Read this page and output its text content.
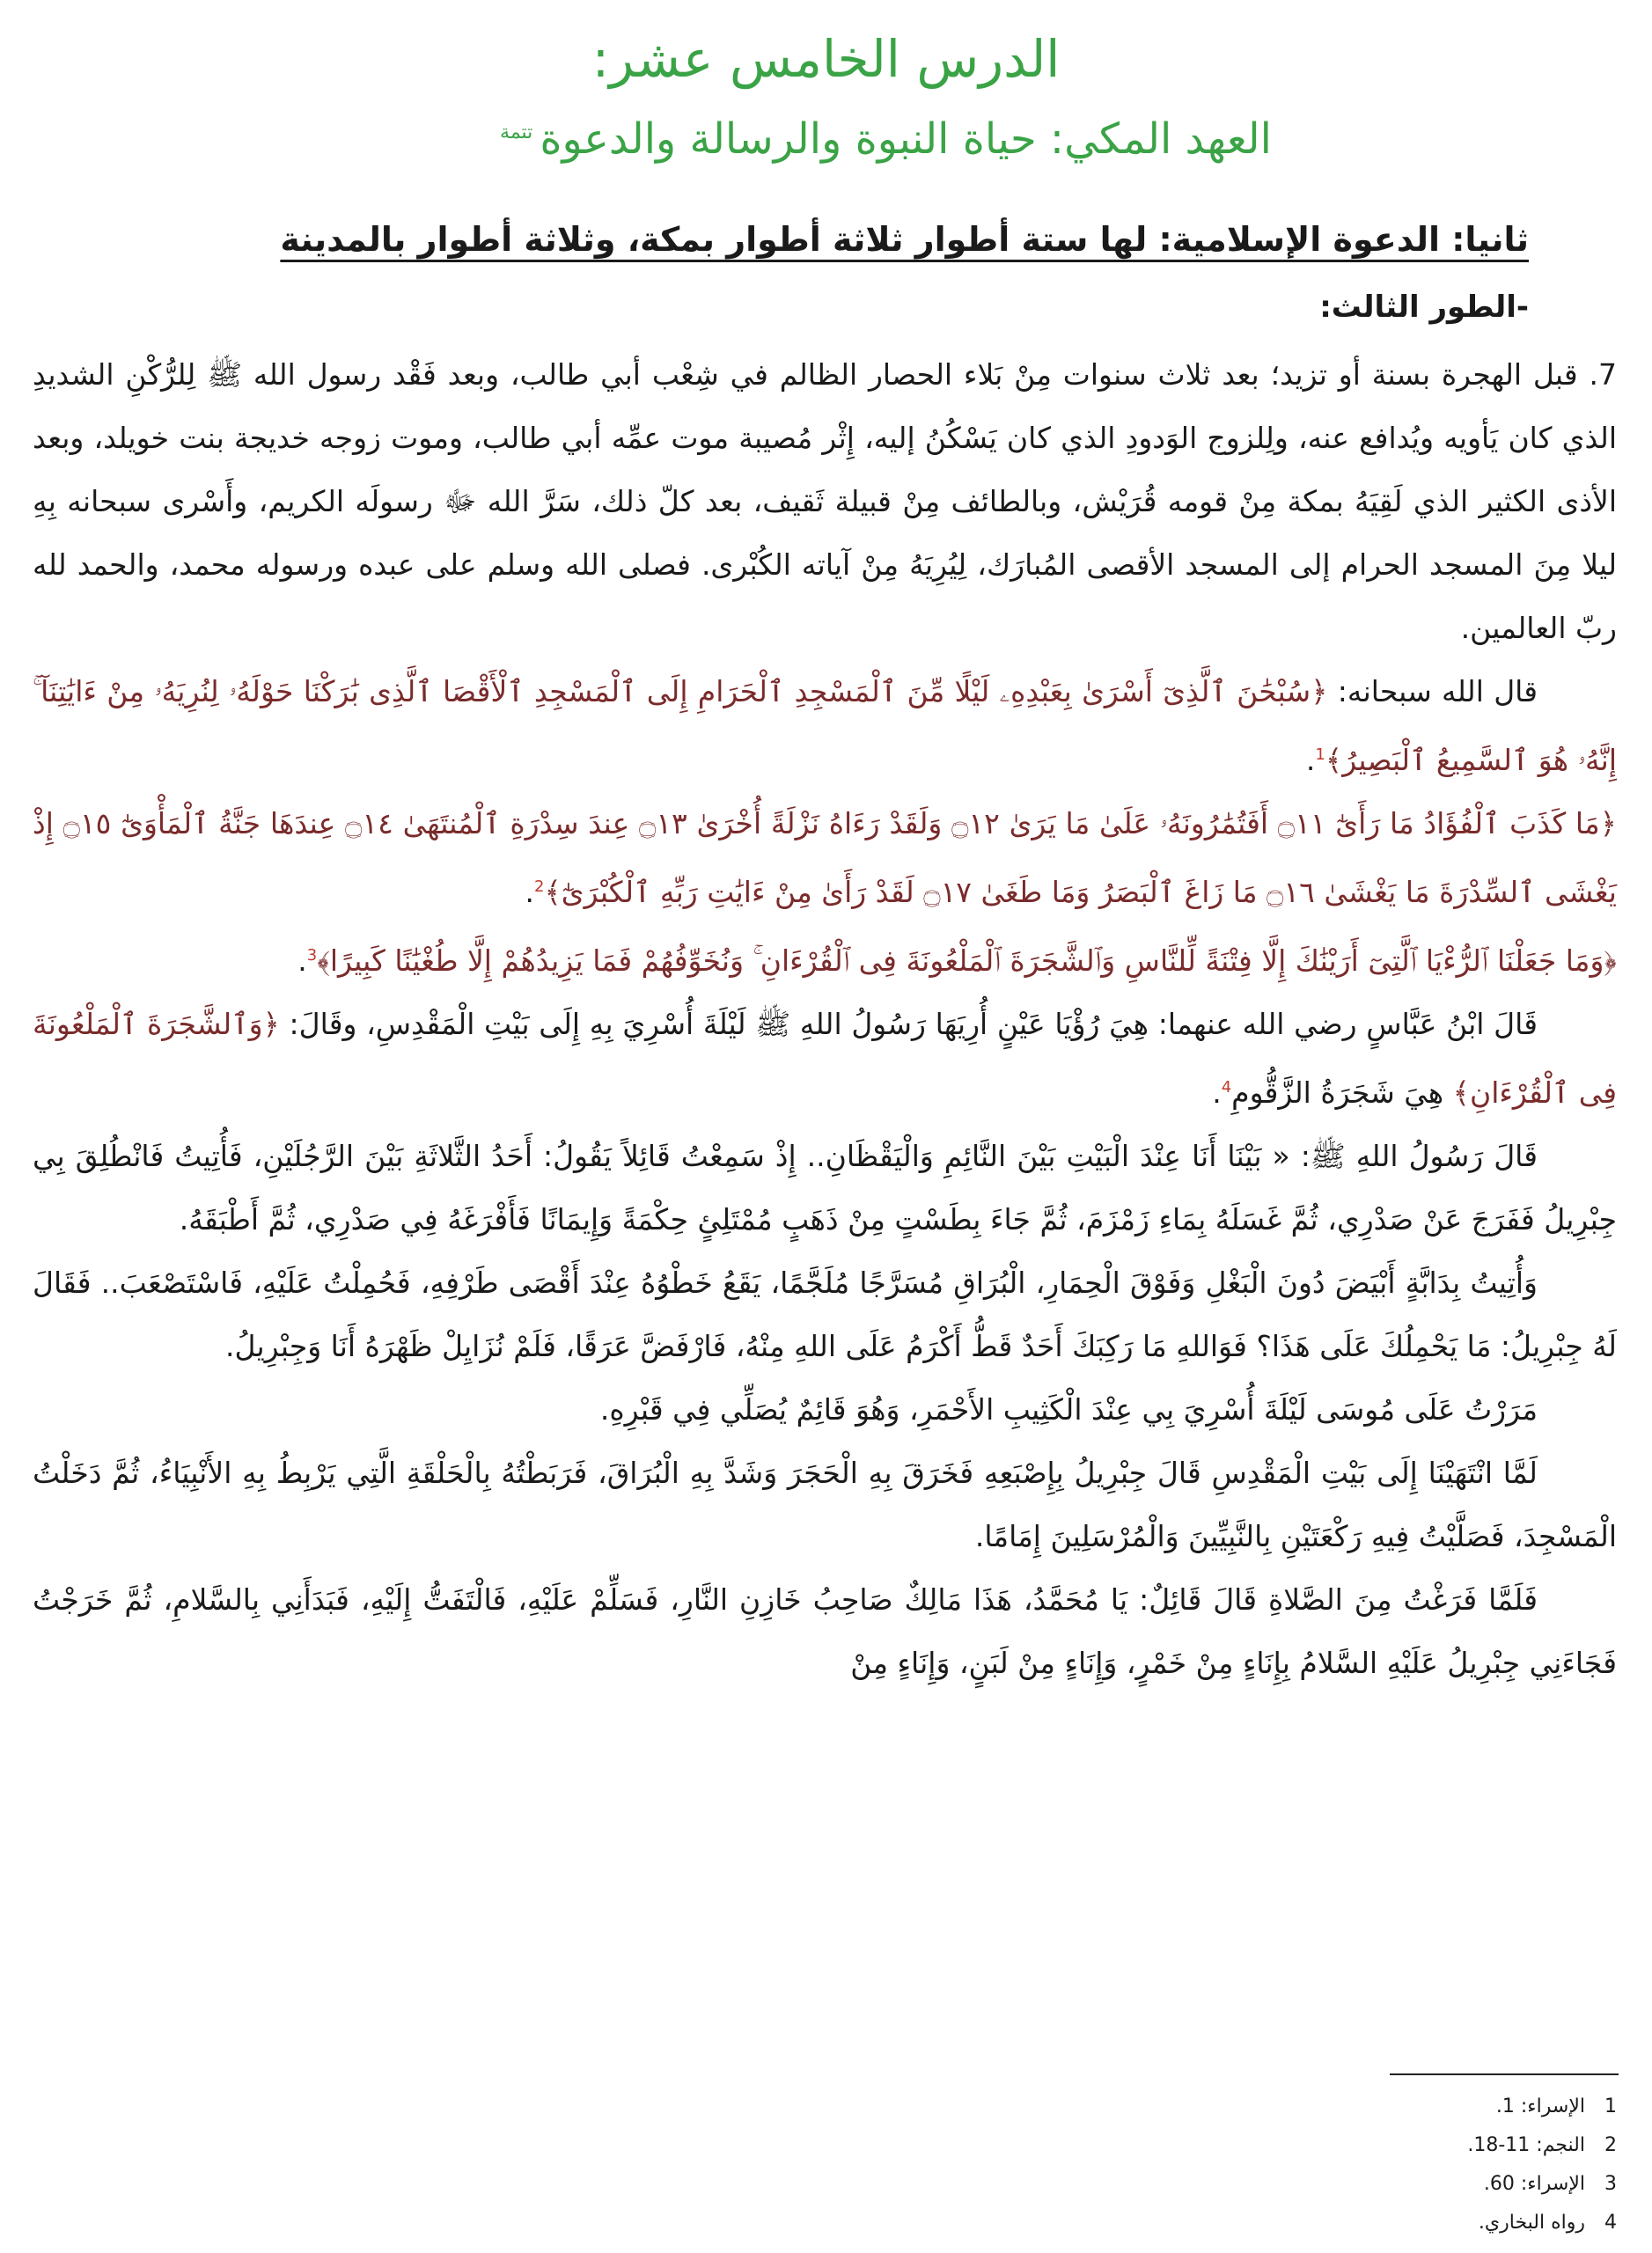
الدرس الخامس عشر:
العهد المكي: حياة النبوة والرسالة والدعوة$^{تتمة}$
ثانيا: الدعوة الإسلامية: لها ستة أطوار ثلاثة أطوار بمكة، وثلاثة أطوار بالمدينة
-الطور الثالث:

7. قبل الهجرة بسنة أو تزيد؛ بعد ثلاث سنوات مِنْ بَلاء الحصار الظالم في شِعْب أبي طالب، وبعد فَقْد رسول الله ﷺ لِلرُّكْنِ الشديدِ الذي كان يَأويه ويُدافع عنه، ولِلزوج الوَدودِ الذي كان يَسْكُنُ إليه، إِثْر مُصيبة موت عمِّه أبي طالب، وموت زوجه خديجة بنت خويلد، وبعد الأذى الكثير الذي لَقِيَهُ بمكة مِنْ قومه قُرَيْش، وبالطائف مِنْ قبيلة ثَقيف، بعد كلّ ذلك، سَرَّ الله ﷻ رسولَه الكريم، وأَسْرى سبحانه بِهِ ليلا مِنَ المسجد الحرام إلى المسجد الأقصى المُبارَك، لِيُرِيَهُ مِنْ آياته الكُبْرى. فصلى الله وسلم على عبده ورسوله محمد، والحمد لله ربّ العالمين.

قال الله سبحانه: ﴿سُبْحَٰنَ ٱلَّذِىٓ أَسْرَىٰ بِعَبْدِهِۦ لَيْلًا مِّنَ ٱلْمَسْجِدِ ٱلْحَرَامِ إِلَى ٱلْمَسْجِدِ ٱلْأَقْصَا ٱلَّذِى بَٰرَكْنَا حَوْلَهُۥ لِنُرِيَهُۥ مِنْ ءَايَٰتِنَآ ۚ إِنَّهُۥ هُوَ ٱلسَّمِيعُ ٱلْبَصِيرُ﴾$^1$.

﴿مَا كَذَبَ ٱلْفُؤَادُ مَا رَأَىٰٓ ۝١١ أَفَتُمَٰرُونَهُۥ عَلَىٰ مَا يَرَىٰ ۝١٢ وَلَقَدْ رَءَاهُ نَزْلَةً أُخْرَىٰ ۝١٣ عِندَ سِدْرَةِ ٱلْمُنتَهَىٰ ۝١٤ عِندَهَا جَنَّةُ ٱلْمَأْوَىٰٓ ۝١٥ إِذْ يَغْشَى ٱلسِّدْرَةَ مَا يَغْشَىٰ ۝١٦ مَا زَاغَ ٱلْبَصَرُ وَمَا طَغَىٰ ۝١٧ لَقَدْ رَأَىٰ مِنْ ءَايَٰتِ رَبِّهِ ٱلْكُبْرَىٰٓ﴾$^2$.

﴿وَمَا جَعَلْنَا ٱلرُّءْيَا ٱلَّتِىٓ أَرَيْنَٰكَ إِلَّا فِتْنَةً لِّلنَّاسِ وَٱلشَّجَرَةَ ٱلْمَلْعُونَةَ فِى ٱلْقُرْءَانِ ۚ وَنُخَوِّفُهُمْ فَمَا يَزِيدُهُمْ إِلَّا طُغْيَٰنًا كَبِيرًا﴾$^3$.

قَالَ ابْنُ عَبَّاسٍ رضي الله عنهما: هِيَ رُؤْيَا عَيْنٍ أُرِيَهَا رَسُولُ اللهِ ﷺ لَيْلَةَ أُسْرِيَ بِهِ إِلَى بَيْتِ الْمَقْدِسِ، وقَالَ: ﴿وَٱلشَّجَرَةَ ٱلْمَلْعُونَةَ فِى ٱلْقُرْءَانِ﴾ هِيَ شَجَرَةُ الزَّقُّومِ$^4$.

قَالَ رَسُولُ اللهِ ﷺ: « بَيْنَا أَنَا عِنْدَ الْبَيْتِ بَيْنَ النَّائِمِ وَالْيَقْظَانِ.. إِذْ سَمِعْتُ قَائِلاً يَقُولُ: أَحَدُ الثَّلاثَةِ بَيْنَ الرَّجُلَيْنِ، فَأُتِيتُ فَانْطُلِقَ بِي جِبْرِيلُ فَفَرَجَ عَنْ صَدْرِي، ثُمَّ غَسَلَهُ بِمَاءِ زَمْزَمَ، ثُمَّ جَاءَ بِطَسْتٍ مِنْ ذَهَبٍ مُمْتَلِئٍ حِكْمَةً وَإِيمَانًا فَأَفْرَغَهُ فِي صَدْرِي، ثُمَّ أَطْبَقَهُ.

وَأُتِيتُ بِدَابَّةٍ أَبْيَضَ دُونَ الْبَغْلِ وَفَوْقَ الْحِمَارِ، الْبُرَاقِ مُسَرَّجًا مُلَجَّمًا، يَقَعُ خَطْوُهُ عِنْدَ أَقْصَى طَرْفِهِ، فَحُمِلْتُ عَلَيْهِ، فَاسْتَصْعَبَ.. فَقَالَ لَهُ جِبْرِيلُ: مَا يَحْمِلُكَ عَلَى هَذَا؟ فَوَاللهِ مَا رَكِبَكَ أَحَدٌ قَطُّ أَكْرَمُ عَلَى اللهِ مِنْهُ، فَارْفَضَّ عَرَقًا، فَلَمْ نُزَايِلْ ظَهْرَهُ أَنَا وَجِبْرِيلُ.

مَرَرْتُ عَلَى مُوسَى لَيْلَةَ أُسْرِيَ بِي عِنْدَ الْكَثِيبِ الأَحْمَرِ، وَهُوَ قَائِمٌ يُصَلِّي فِي قَبْرِهِ.

لَمَّا انْتَهَيْنَا إِلَى بَيْتِ الْمَقْدِسِ قَالَ جِبْرِيلُ بِإِصْبَعِهِ فَخَرَقَ بِهِ الْحَجَرَ وَشَدَّ بِهِ الْبُرَاقَ، فَرَبَطْتُهُ بِالْحَلْقَةِ الَّتِي يَرْبِطُ بِهِ الأَنْبِيَاءُ، ثُمَّ دَخَلْتُ الْمَسْجِدَ، فَصَلَّيْتُ فِيهِ رَكْعَتَيْنِ بِالنَّبِيِّينَ وَالْمُرْسَلِينَ إِمَامًا.

فَلَمَّا فَرَغْتُ مِنَ الصَّلاةِ قَالَ قَائِلٌ: يَا مُحَمَّدُ، هَذَا مَالِكٌ صَاحِبُ خَازِنِ النَّارِ، فَسَلِّمْ عَلَيْهِ، فَالْتَفَتُّ إِلَيْهِ، فَبَدَأَنِي بِالسَّلامِ، ثُمَّ خَرَجْتُ فَجَاءَنِي جِبْرِيلُ عَلَيْهِ السَّلامُ بِإِنَاءٍ مِنْ خَمْرٍ، وَإِنَاءٍ مِنْ لَبَنٍ، وَإِنَاءٍ مِنْ

1الإسراء: 1.
2النجم: 11-18.
3الإسراء: 60.
4رواه البخاري.
